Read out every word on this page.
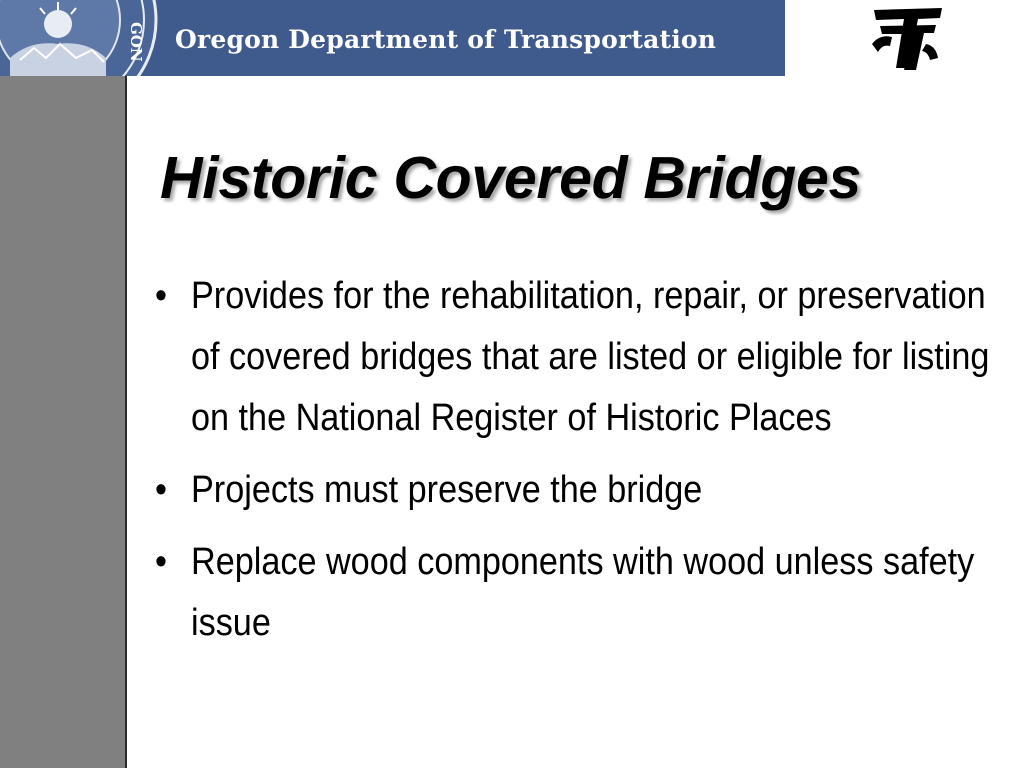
GON Oregon Department of Transportation
Historic Covered Bridges
• Provides for the rehabilitation, repair, or preservation of covered bridges that are listed or eligible for listing on the National Register of Historic Places
• Projects must preserve the bridge
• Replace wood components with wood unless safety issue
